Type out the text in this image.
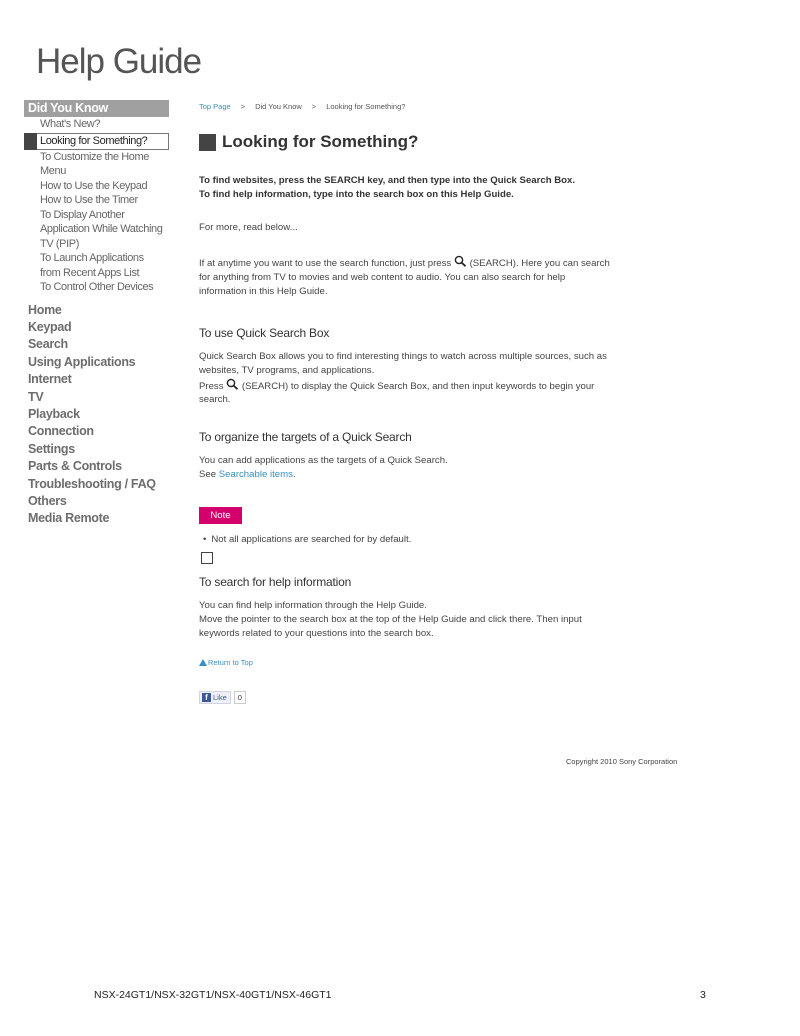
Help Guide
Did You Know
What's New?
Looking for Something?
To Customize the Home
Menu
How to Use the Keypad
How to Use the Timer
To Display Another
Application While Watching
TV (PIP)
To Launch Applications
from Recent Apps List
To Control Other Devices
Home
Keypad
Search
Using Applications
Internet
TV
Playback
Connection
Settings
Parts & Controls
Troubleshooting / FAQ
Others
Media Remote
Top Page > Did You Know > Looking for Something?
Looking for Something?
To find websites, press the SEARCH key, and then type into the Quick Search Box.
To find help information, type into the search box on this Help Guide.
For more, read below...
If at anytime you want to use the search function, just press (SEARCH). Here you can search
for anything from TV to movies and web content to audio. You can also search for help
information in this Help Guide.
To use Quick Search Box
Quick Search Box allows you to find interesting things to watch across multiple sources, such as
websites, TV programs, and applications.
Press (SEARCH) to display the Quick Search Box, and then input keywords to begin your
search.
To organize the targets of a Quick Search
You can add applications as the targets of a Quick Search.
See Searchable items.
Note
• Not all applications are searched for by default.
To search for help information
You can find help information through the Help Guide.
Move the pointer to the search box at the top of the Help Guide and click there. Then input
keywords related to your questions into the search box.
Return to Top
f Like	0
Copyright 2010 Sony Corporation
NSX-24GT1/NSX-32GT1/NSX-40GT1/NSX-46GT1	3
